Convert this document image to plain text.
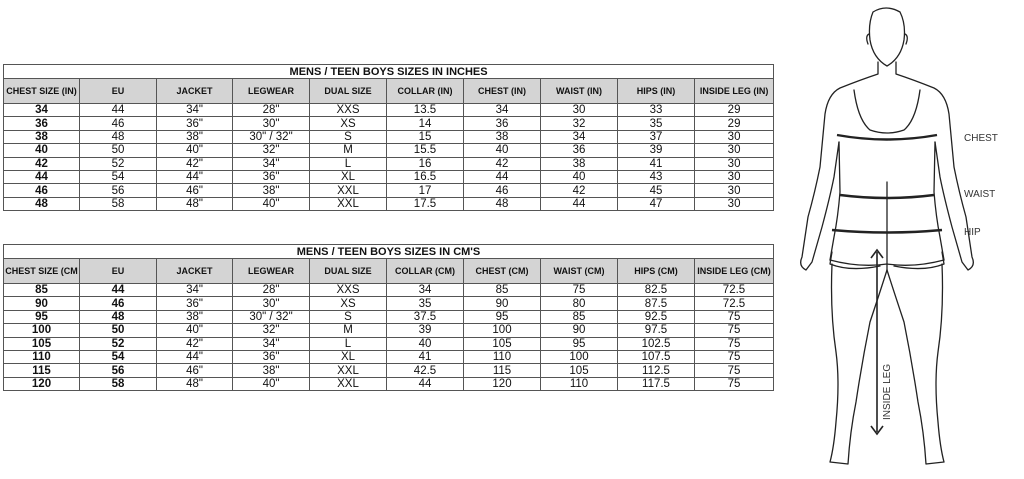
MENS / TEEN BOYS SIZES IN INCHES									
CHEST SIZE (IN)	EU	JACKET	LEGWEAR	DUAL SIZE	COLLAR (IN)	CHEST (IN)	WAIST (IN)	HIPS (IN)	INSIDE LEG (IN)
34	44	34"	28"	XXS	13.5	34	30	33	29
36	46	36"	30"	XS	14	36	32	35	29
38	48	38"	30" / 32"	S	15	38	34	37	30
40	50	40"	32"	M	15.5	40	36	39	30
42	52	42"	34"	L	16	42	38	41	30
44	54	44"	36"	XL	16.5	44	40	43	30
46	56	46"	38"	XXL	17	46	42	45	30
48	58	48"	40"	XXL	17.5	48	44	47	30
MENS / TEEN BOYS SIZES IN CM'S									
CHEST SIZE (CM	EU	JACKET	LEGWEAR	DUAL SIZE	COLLAR (CM)	CHEST (CM)	WAIST (CM)	HIPS (CM)	INSIDE LEG (CM)
85	44	34"	28"	XXS	34	85	75	82.5	72.5
90	46	36"	30"	XS	35	90	80	87.5	72.5
95	48	38"	30" / 32"	S	37.5	95	85	92.5	75
100	50	40"	32"	M	39	100	90	97.5	75
105	52	42"	34"	L	40	105	95	102.5	75
110	54	44"	36"	XL	41	110	100	107.5	75
115	56	46"	38"	XXL	42.5	115	105	112.5	75
120	58	48"	40"	XXL	44	120	110	117.5	75
CHEST
WAIST
HIP
INSIDE LEG
